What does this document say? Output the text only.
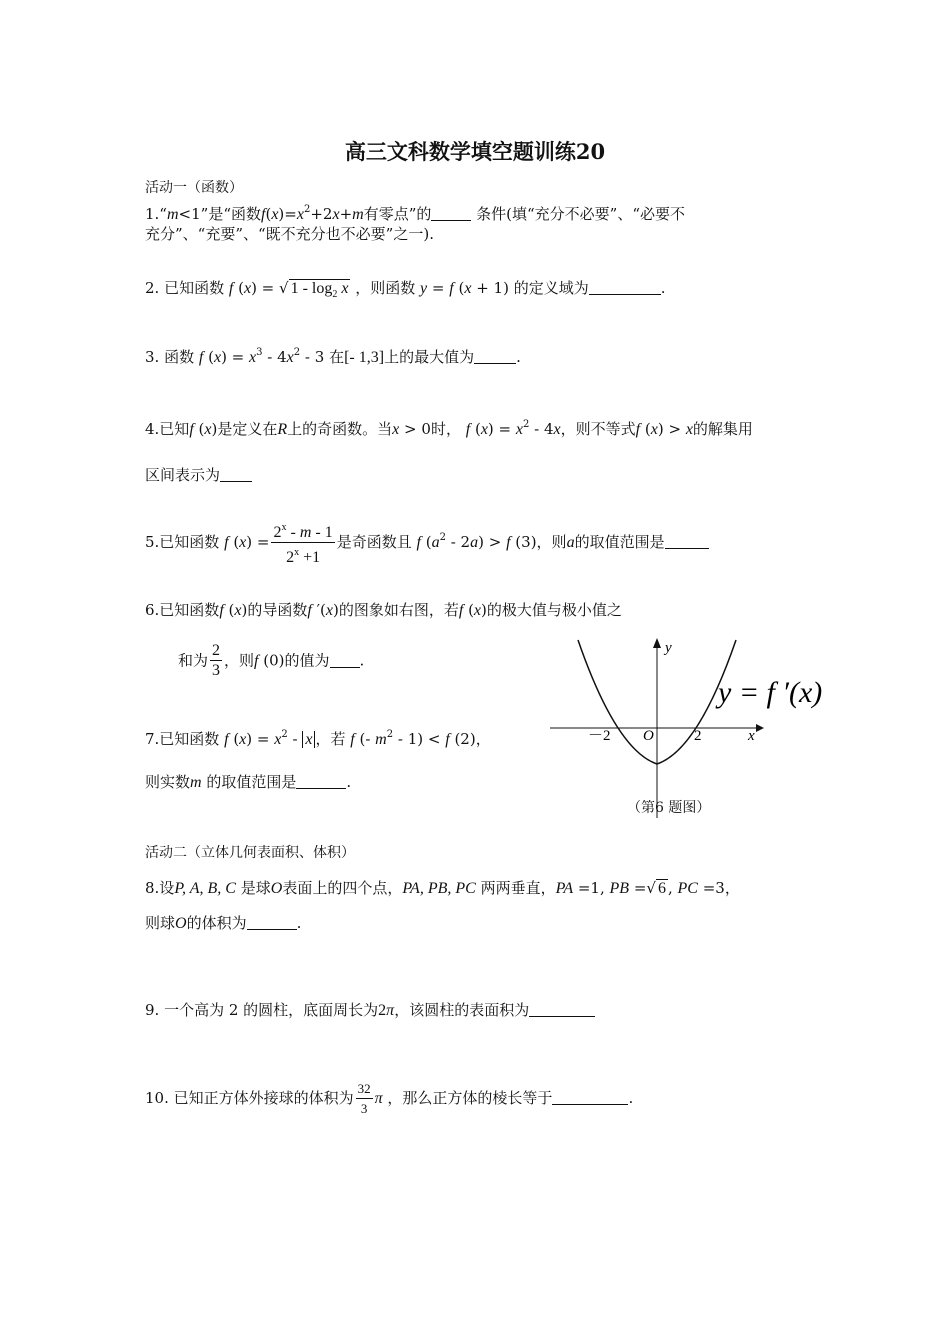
高三文科数学填空题训练20
活动一（函数）
1.“m<1”是“函数$f(x)=x^2+2x+m$有零点”的	条件(填“充分不必要”、“必要不
充分”、“充要”、“既不充分也不必要”之一).
2. 已知函数 f (x) = √ $1 - \log_2 x$ ，则函数 y = f (x + 1) 的定义域为	.
3. 函数 f $(x) = x^3 - 4x^2 - 3$ 在[- 1,3]上的最大值为	.
4.已知f (x)是定义在R上的奇函数。当x > 0时， f $(x) = x^2 - 4x$，则不等式f (x) > x的解集用
区间表示为
5.已知函数 f $(x) = \frac{2^x - m - 1}{2^x +1}$ 是奇函数且 f $(a^2 - 2a) > f$ (3)，则a的取值范围是
6.已知函数f (x)的导函数f ′(x)的图象如右图，若f (x)的极大值与极小值之
和为 $\frac{2}{3}$ ，则f (0)的值为 .
7.已知函数 f $(x) = x^2 - x$ ，若 f (- $m^2 - 1) < f$ (2)，
则实数m 的取值范围是	.
y
x
O
－2	2
y = f ′(x)
（第6 题图）
活动二（立体几何表面积、体积）
8.设P, A, B, C 是球O表面上的四个点，PA, PB, PC 两两垂直，PA =1, PB =√ 6 , PC =3，
则球O的体积为	.
9. 一个高为 2 的圆柱，底面周长为2π，该圆柱的表面积为
10. 已知正方体外接球的体积为 $\frac{32}{3}$ π ，那么正方体的棱长等于	.
